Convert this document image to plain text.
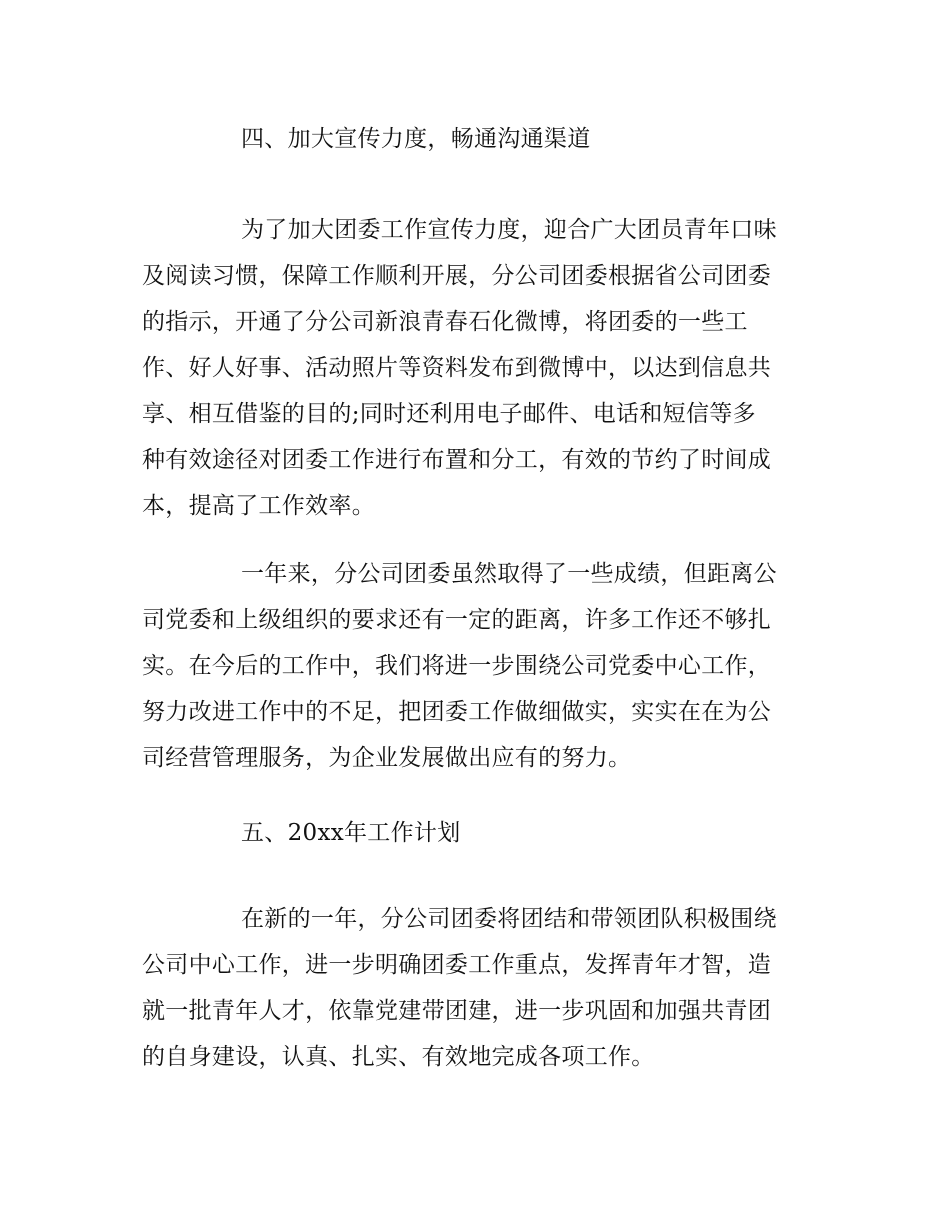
四、加大宣传力度，畅通沟通渠道

为了加大团委工作宣传力度，迎合广大团员青年口味
及阅读习惯，保障工作顺利开展，分公司团委根据省公司团委
的指示，开通了分公司新浪青春石化微博，将团委的一些工
作、好人好事、活动照片等资料发布到微博中，以达到信息共
享、相互借鉴的目的;同时还利用电子邮件、电话和短信等多
种有效途径对团委工作进行布置和分工，有效的节约了时间成
本，提高了工作效率。

一年来，分公司团委虽然取得了一些成绩，但距离公
司党委和上级组织的要求还有一定的距离，许多工作还不够扎
实。在今后的工作中，我们将进一步围绕公司党委中心工作，
努力改进工作中的不足，把团委工作做细做实，实实在在为公
司经营管理服务，为企业发展做出应有的努力。

五、20xx年工作计划

在新的一年，分公司团委将团结和带领团队积极围绕
公司中心工作，进一步明确团委工作重点，发挥青年才智，造
就一批青年人才，依靠党建带团建，进一步巩固和加强共青团
的自身建设，认真、扎实、有效地完成各项工作。
